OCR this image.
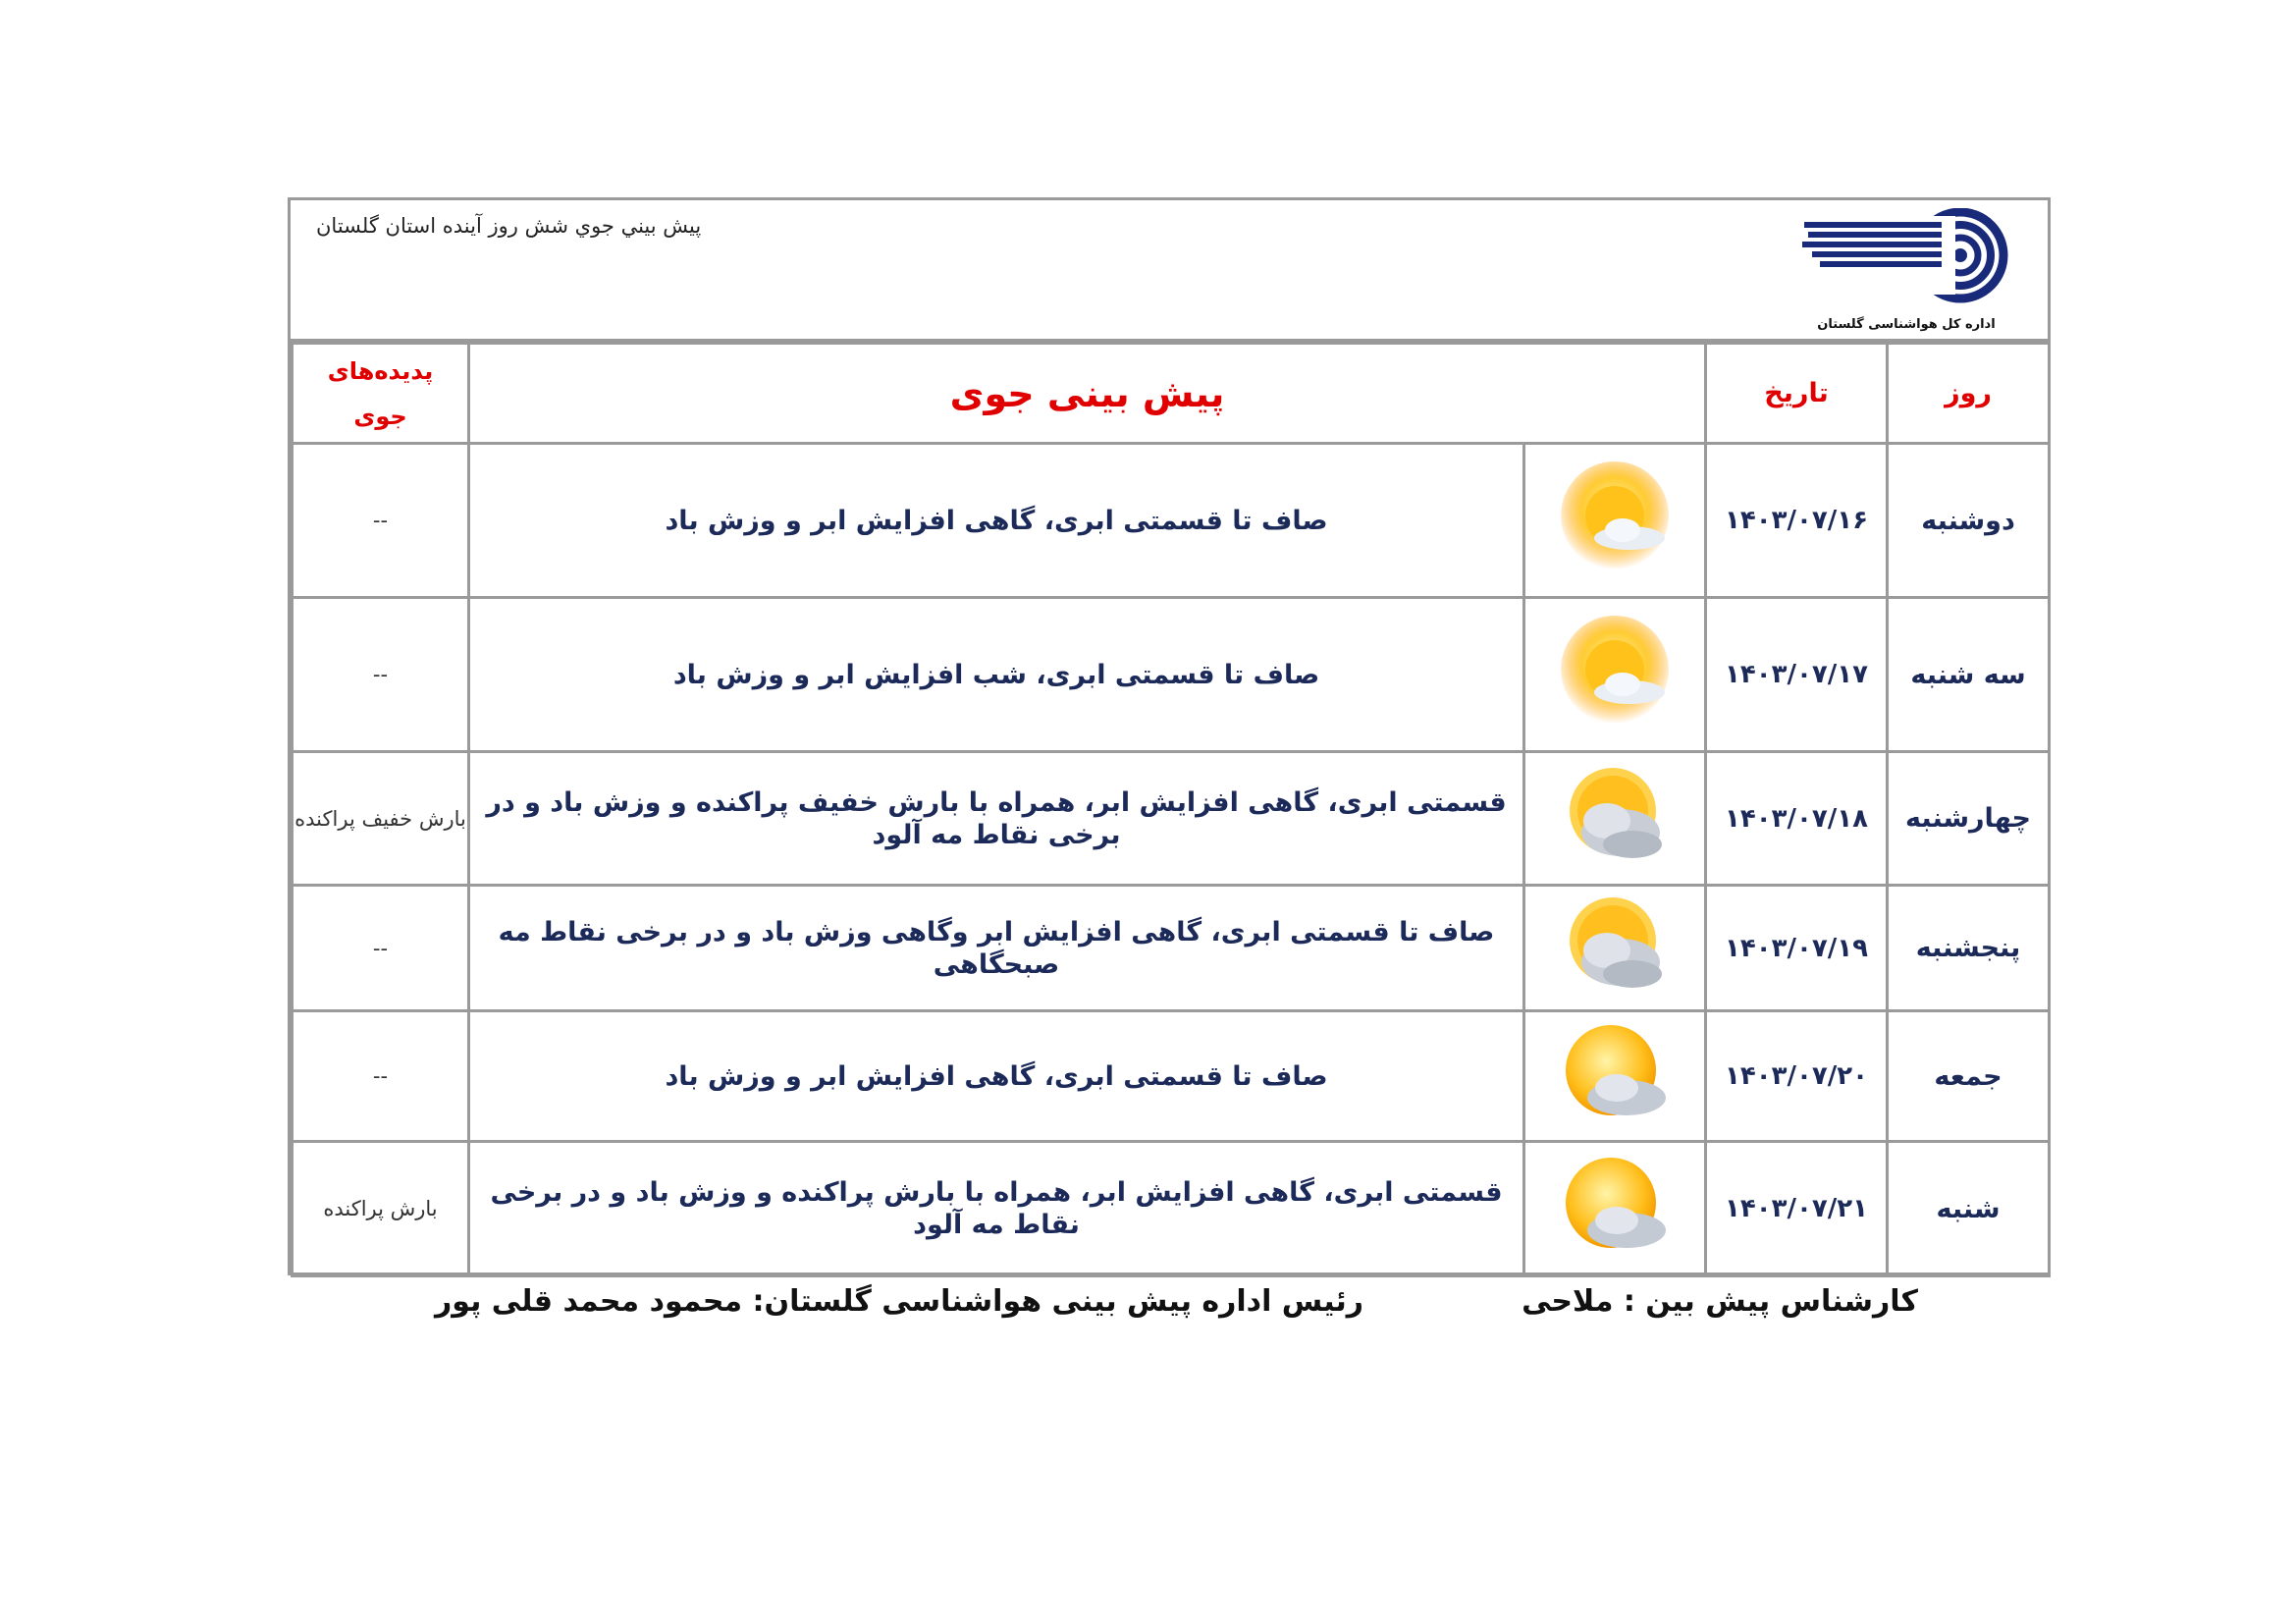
پيش بيني جوي شش روز آينده استان گلستان
اداره کل هواشناسی گلستان
روز	تاریخ	پیش بینی جوی		پدیده‌های
جوی

دوشنبه	۱۴۰۳/۰۷/۱۶		صاف تا قسمتی ابری، گاهی افزایش ابر و وزش باد	--
سه شنبه	۱۴۰۳/۰۷/۱۷		صاف تا قسمتی ابری، شب افزایش ابر و وزش باد	--
چهارشنبه	۱۴۰۳/۰۷/۱۸		قسمتی ابری، گاهی افزایش ابر، همراه با بارش خفیف پراکنده و وزش باد و در برخی نقاط مه آلود	بارش خفیف پراکنده
پنجشنبه	۱۴۰۳/۰۷/۱۹		صاف تا قسمتی ابری، گاهی افزایش ابر وگاهی وزش باد و در برخی نقاط مه صبحگاهی	--
جمعه	۱۴۰۳/۰۷/۲۰		صاف تا قسمتی ابری، گاهی افزایش ابر و وزش باد	--
شنبه	۱۴۰۳/۰۷/۲۱		قسمتی ابری، گاهی افزایش ابر، همراه با بارش پراکنده و وزش باد و در برخی نقاط مه آلود	بارش پراکنده
کارشناس پیش بین : ملاحی
رئیس اداره پیش بینی هواشناسی گلستان: محمود محمد قلی پور
